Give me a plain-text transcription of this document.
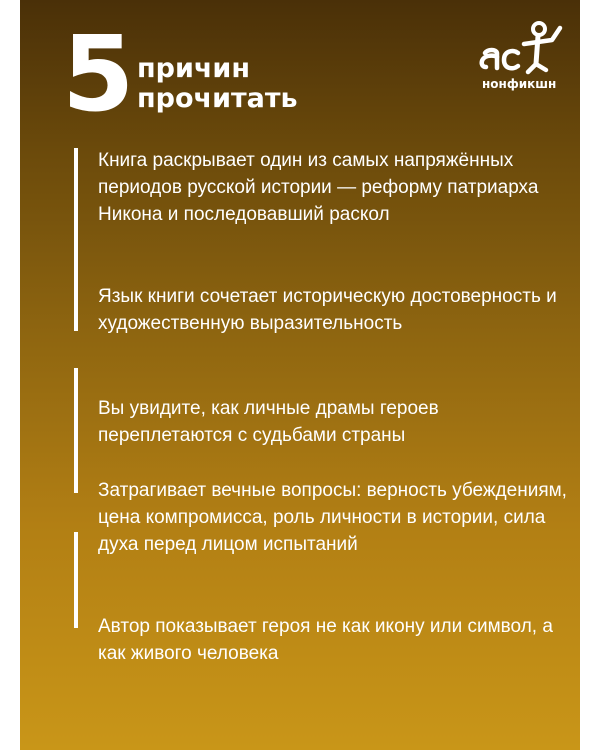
5 причин
прочитать	нонфикшн
Книга раскрывает один из самых напряжённых периодов русской истории — реформу патриарха Никона и последовавший раскол
Язык книги сочетает историческую достоверность и художественную выразительность
Вы увидите, как личные драмы героев переплетаются с судьбами страны
Затрагивает вечные вопросы: верность убеждениям, цена компромисса, роль личности в истории, сила духа перед лицом испытаний
Автор показывает героя не как икону или символ, а как живого человека
